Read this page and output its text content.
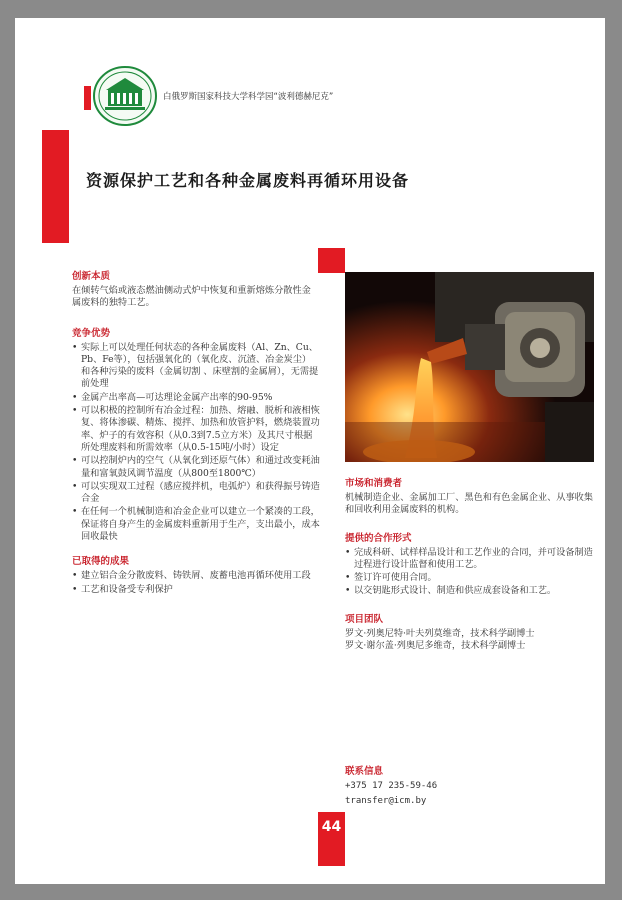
白俄罗斯国家科技大学科学园“波利德赫尼克”
资源保护工艺和各种金属废料再循环用设备
创新本质

在倾转气焰或液态燃油侧动式炉中恢复和重新熔炼分散性金属废料的独特工艺。

竞争优势
• 实际上可以处理任何状态的各种金属废料（Al、Zn、Cu、Pb、Fe等），包括强氧化的（氧化皮、沉渣、冶金炭尘）和各种污染的废料（金属切割 、床壁割的金属屑），无需提前处理
• 金属产出率高—可达理论金属产出率的90-95%
• 可以积极的控制所有冶金过程：加热、熔融、脱析和液相恢复、将体渗碳、精炼、搅拌、加热和放管护料，燃烧装置功率、炉子的有效容积（从0.3到7.5立方米）及其尺寸根据所处理废料和所需效率（从0.5-15吨/小时）设定
• 可以控制炉内的空气（从氧化到还原气体）和通过改变耗油量和富氧鼓风调节温度（从800至1800℃）
• 可以实现双工过程（感应搅拌机，电弧炉）和获得振号铸造合金
• 在任何一个机械制造和冶金企业可以建立一个紧凑的工段，保证将自身产生的金属废料重新用于生产，支出最小，成本回收最快
已取得的成果
• 建立铝合金分散废料、铸铁屑、废蓄电池再循环使用工段
• 工艺和设备受专利保护
市场和消费者

机械制造企业、金属加工厂、黑色和有色金属企业、从事收集和回收利用金属废料的机构。

提供的合作形式
• 完成科研、试样样品设计和工艺作业的合同，并可设备制造过程进行设计监督和使用工艺。
• 签订许可使用合同。
• 以交钥匙形式设计、制造和供应成套设备和工艺。
项目团队

罗文·列奥尼特·叶夫列莫维奇，技术科学副博士

罗文·谢尔盖·列奥尼多维奇，技术科学副博士

联系信息

+375 17 235-59-46

transfer@icm.by

44
